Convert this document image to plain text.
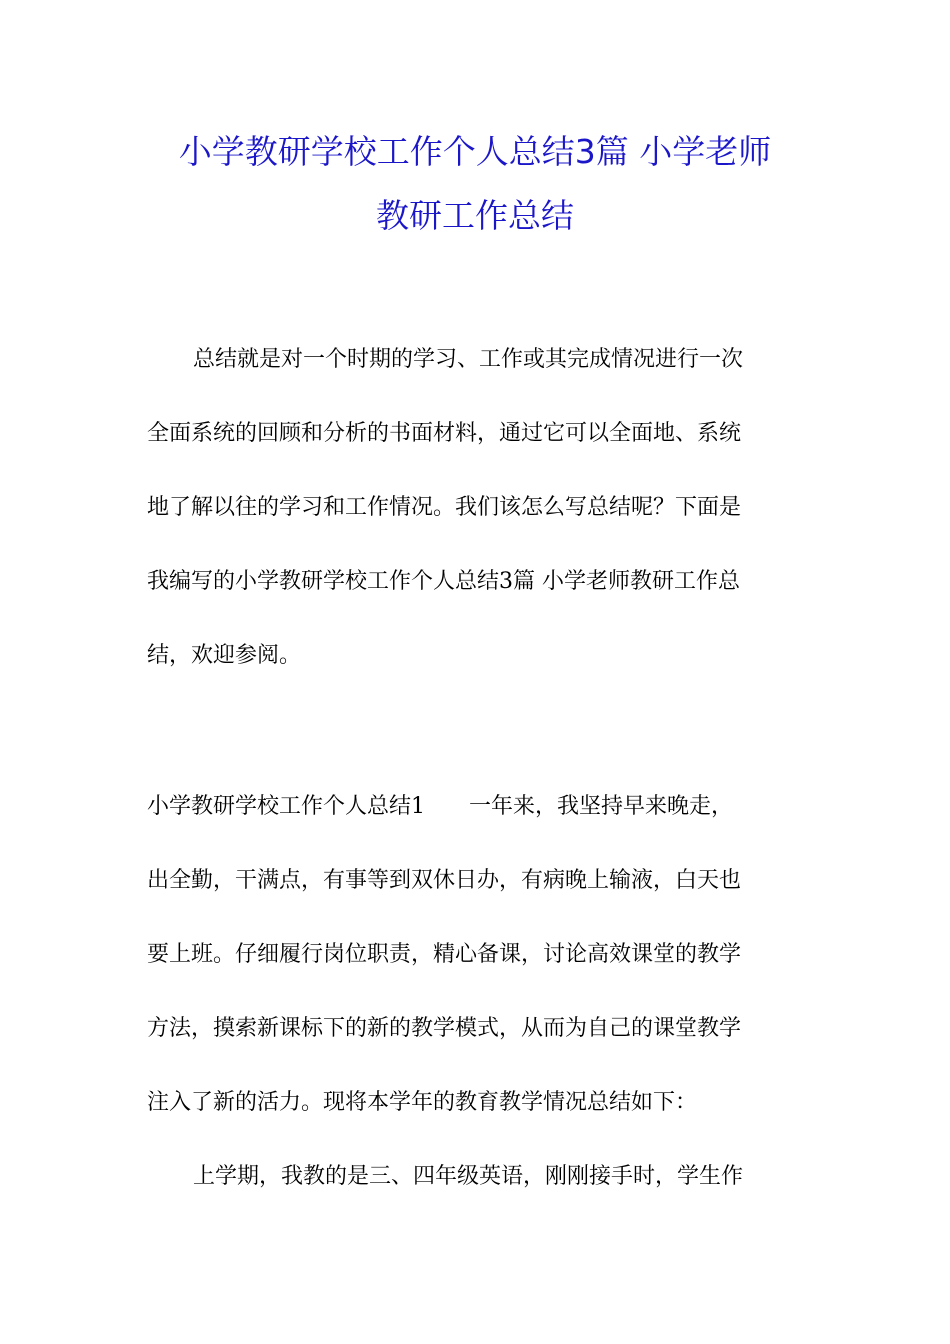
小学教研学校工作个人总结3篇 小学老师
教研工作总结
总结就是对一个时期的学习、工作或其完成情况进行一次
全面系统的回顾和分析的书面材料，通过它可以全面地、系统
地了解以往的学习和工作情况。我们该怎么写总结呢？下面是
我编写的小学教研学校工作个人总结3篇 小学老师教研工作总
结，欢迎参阅。
小学教研学校工作个人总结1　　一年来，我坚持早来晚走，
出全勤，干满点，有事等到双休日办，有病晚上输液，白天也
要上班。仔细履行岗位职责，精心备课，讨论高效课堂的教学
方法，摸索新课标下的新的教学模式，从而为自己的课堂教学
注入了新的活力。现将本学年的教育教学情况总结如下：
上学期，我教的是三、四年级英语，刚刚接手时，学生作
